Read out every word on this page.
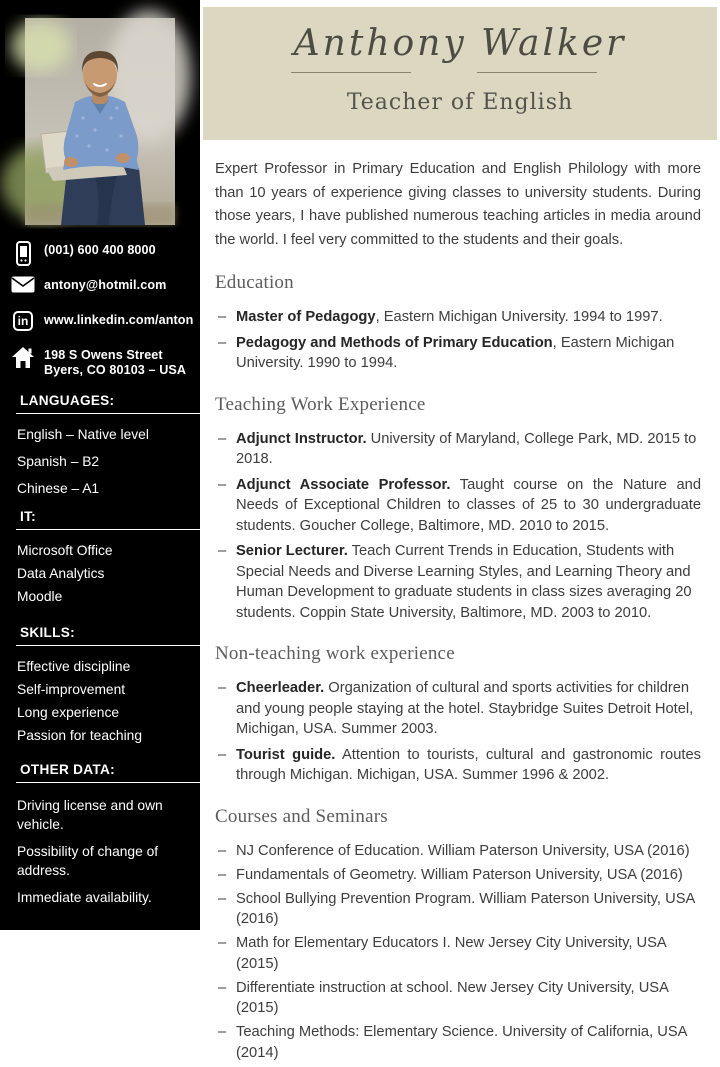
(001) 600 400 8000
antony@hotmil.com
in	www.linkedin.com/anton
198 S Owens Street
Byers, CO 80103 – USA
LANGUAGES:
English – Native level
Spanish – B2
Chinese – A1
IT:
Microsoft Office
Data Analytics
Moodle
SKILLS:
Effective discipline
Self-improvement
Long experience
Passion for teaching
OTHER DATA:
Driving license and own vehicle.
Possibility of change of address.
Immediate availability.
Anthony Walker
Teacher of English

Expert Professor in Primary Education and English Philology with more than 10 years of experience giving classes to university students. During those years, I have published numerous teaching articles in media around the world. I feel very committed to the students and their goals.

Education
– Master of Pedagogy, Eastern Michigan University. 1994 to 1997.
– Pedagogy and Methods of Primary Education, Eastern Michigan University. 1990 to 1994.
Teaching Work Experience
– Adjunct Instructor. University of Maryland, College Park, MD. 2015 to 2018.
– Adjunct Associate Professor. Taught course on the Nature and Needs of Exceptional Children to classes of 25 to 30 undergraduate students. Goucher College, Baltimore, MD. 2010 to 2015.
– Senior Lecturer. Teach Current Trends in Education, Students with Special Needs and Diverse Learning Styles, and Learning Theory and Human Development to graduate students in class sizes averaging 20 students. Coppin State University, Baltimore, MD. 2003 to 2010.
Non-teaching work experience
– Cheerleader. Organization of cultural and sports activities for children and young people staying at the hotel. Staybridge Suites Detroit Hotel, Michigan, USA. Summer 2003.
– Tourist guide. Attention to tourists, cultural and gastronomic routes through Michigan. Michigan, USA. Summer 1996 & 2002.
Courses and Seminars
– NJ Conference of Education. William Paterson University, USA (2016)
– Fundamentals of Geometry. William Paterson University, USA (2016)
– School Bullying Prevention Program. William Paterson University, USA (2016)
– Math for Elementary Educators I. New Jersey City University, USA (2015)
– Differentiate instruction at school. New Jersey City University, USA (2015)
– Teaching Methods: Elementary Science. University of California, USA (2014)
